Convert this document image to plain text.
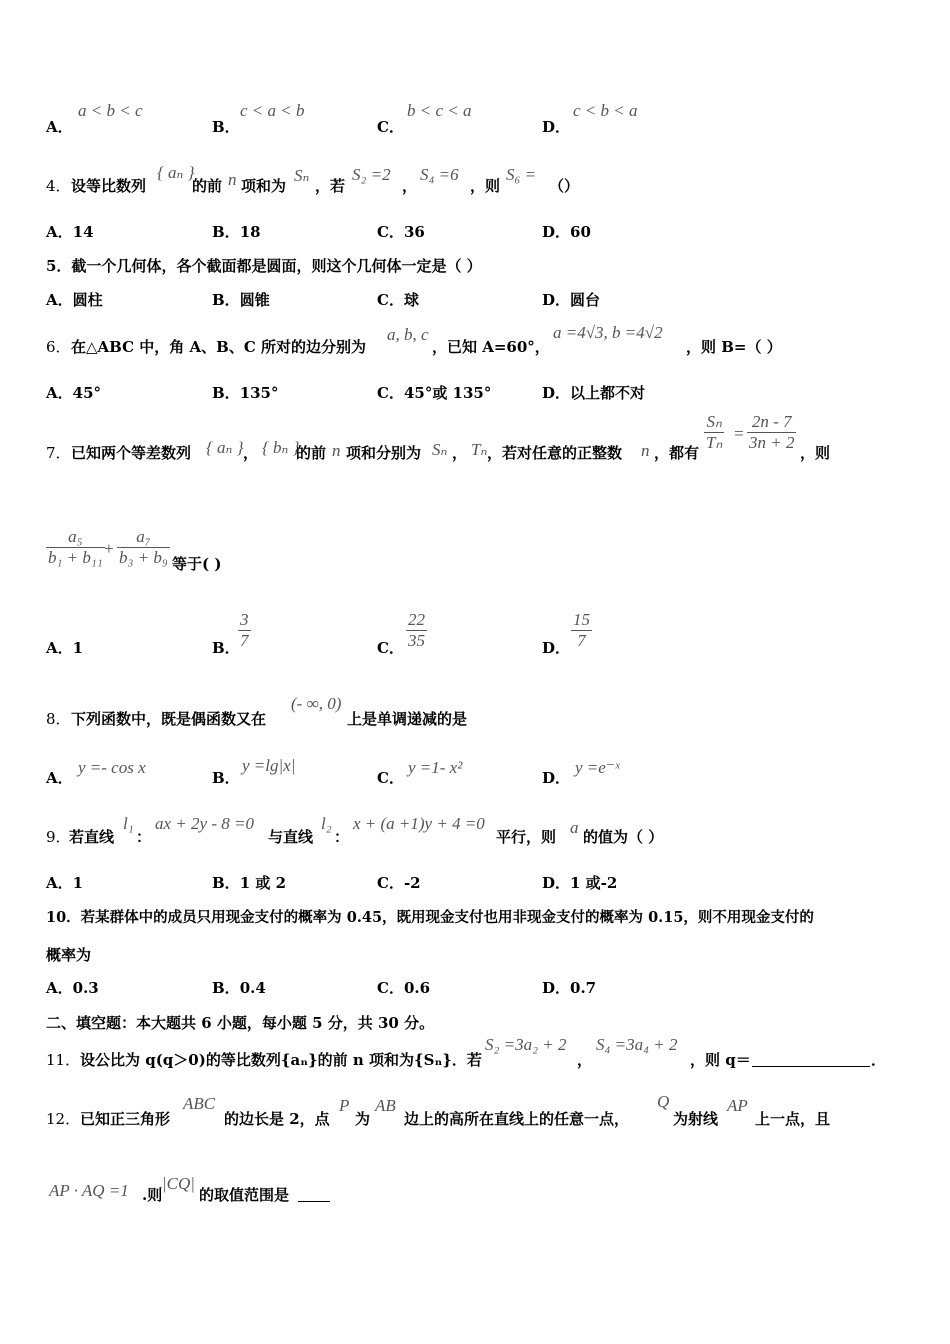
A．
a < b < c
B．
c < a < b
C．
b < c < a
D．
c < b < a
4． 设等比数列
{ aₙ }
的前 n 项和为
Sₙ
，若
S₂ =2
，
S₄ =6
，则
S₆ =
（）
A．14	B．18	C．36	D．60
5．截一个几何体，各个截面都是圆面，则这个几何体一定是（ ）
A．圆柱	B．圆锥	C．球	D．圆台
6． 在△ABC 中，角 A、B、C 所对的边分别为
a, b, c
，已知 A=60°，
a =4√3, b =4√2
，则 B=（ ）
A．45°	B．135°	C．45°或 135°	D．以上都不对
7． 已知两个等差数列 { aₙ } ， { bₙ }
的前 n 项和分别为 Sₙ ， Tₙ ，若对任意的正整数 n ，都有 $\frac{\text{Sₙ}}{\text{Tₙ}} = \frac{2n - 7}{3n + 2}$ ，则
$\frac{\text{a₅}}{\text{b₁ + b₁₁}}$
+ $\frac{\text{a₇}}{\text{b₃ + b₉}}$ 等于( )
A．1	B．
$\frac{3}{7}$	C． $\frac{22}{35}$	D． $\frac{15}{7}$
8． 下列函数中，既是偶函数又在
(- ∞, 0)
上是单调递减的是
A．
y =- cos x
B．
y =lg|x|
C．
y =1- x²
D．
y =e⁻ˣ
9．
若直线
l₁
：
ax + 2y - 8 =0
与直线
l₂
：
x + (a +1)y + 4 =0
平行，则 a 的值为（ ）
A．1	B．1 或 2	C．-2	D．1 或-2
10．若某群体中的成员只用现金支付的概率为 0.45，既用现金支付也用非现金支付的概率为 0.15，则不用现金支付的
概率为
A．0.3	B．0.4	C．0.6	D．0.7
二、填空题：本大题共 6 小题，每小题 5 分，共 30 分。
11． 设公比为 q(q＞0)的等比数列{aₙ}的前 n 项和为{Sₙ}．若
S₂ =3a₂ + 2
，
S₄ =3a₄ + 2
，则 q＝	．
12． 已知正三角形
ABC
的边长是 2，点
P
为
AB
边上的高所在直线上的任意一点，
Q
为射线
AP
上一点，且
AP · AQ =1 .则
|CQ|
的取值范围是
